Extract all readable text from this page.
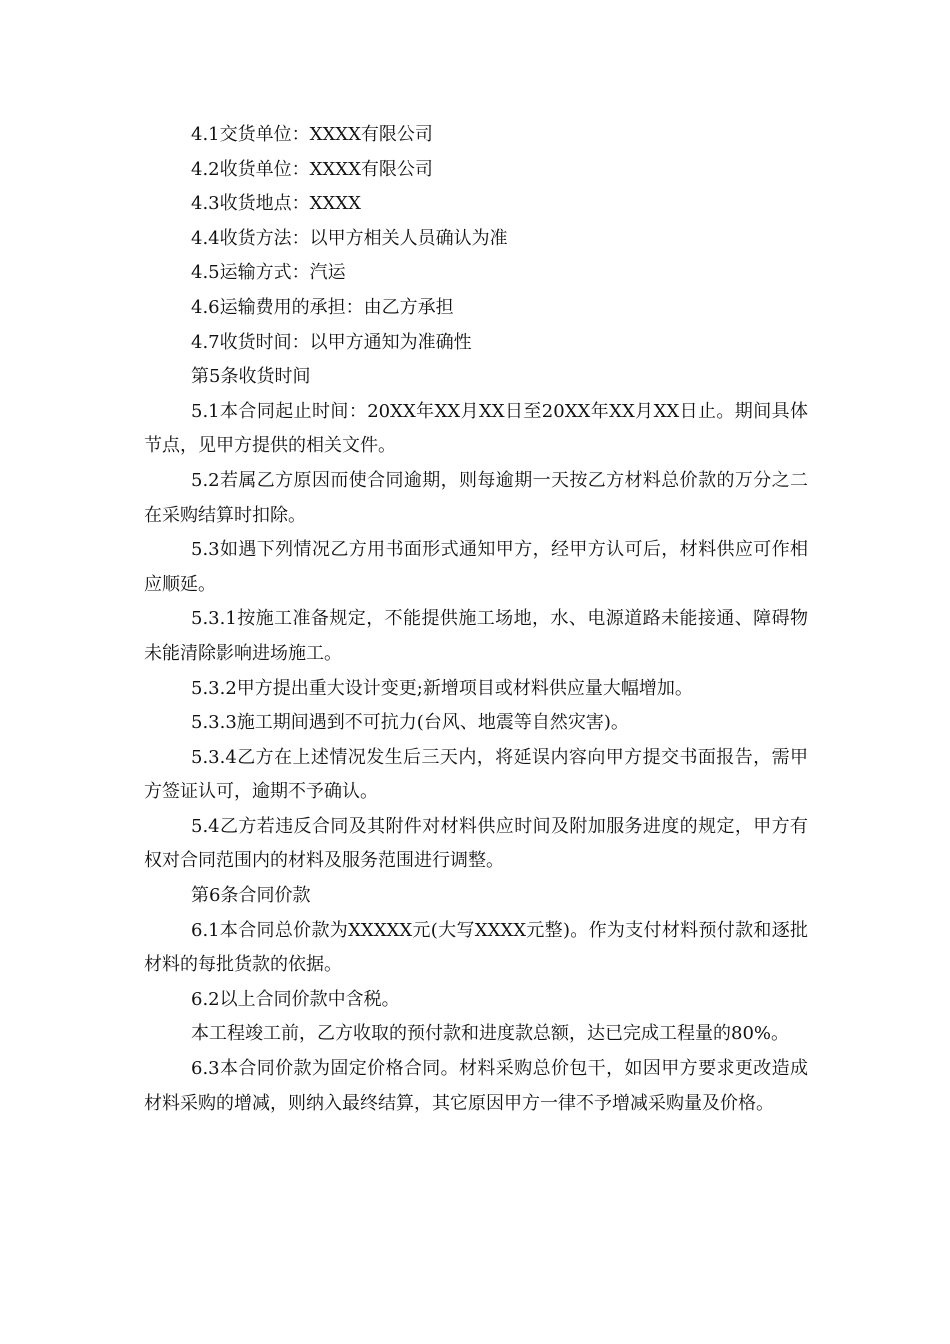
4.1交货单位：XXXX有限公司

4.2收货单位：XXXX有限公司

4.3收货地点：XXXX

4.4收货方法：以甲方相关人员确认为准

4.5运输方式：汽运

4.6运输费用的承担：由乙方承担

4.7收货时间：以甲方通知为准确性

第5条收货时间

5.1本合同起止时间：20XX年XX月XX日至20XX年XX月XX日止。期间具体节点，见甲方提供的相关文件。

5.2若属乙方原因而使合同逾期，则每逾期一天按乙方材料总价款的万分之二在采购结算时扣除。

5.3如遇下列情况乙方用书面形式通知甲方，经甲方认可后，材料供应可作相应顺延。

5.3.1按施工准备规定，不能提供施工场地，水、电源道路未能接通、障碍物未能清除影响进场施工。

5.3.2甲方提出重大设计变更;新增项目或材料供应量大幅增加。

5.3.3施工期间遇到不可抗力(台风、地震等自然灾害)。

5.3.4乙方在上述情况发生后三天内，将延误内容向甲方提交书面报告，需甲方签证认可，逾期不予确认。

5.4乙方若违反合同及其附件对材料供应时间及附加服务进度的规定，甲方有权对合同范围内的材料及服务范围进行调整。

第6条合同价款

6.1本合同总价款为XXXXX元(大写XXXX元整)。作为支付材料预付款和逐批材料的每批货款的依据。

6.2以上合同价款中含税。

本工程竣工前，乙方收取的预付款和进度款总额，达已完成工程量的80%。

6.3本合同价款为固定价格合同。材料采购总价包干，如因甲方要求更改造成材料采购的增减，则纳入最终结算，其它原因甲方一律不予增减采购量及价格。
